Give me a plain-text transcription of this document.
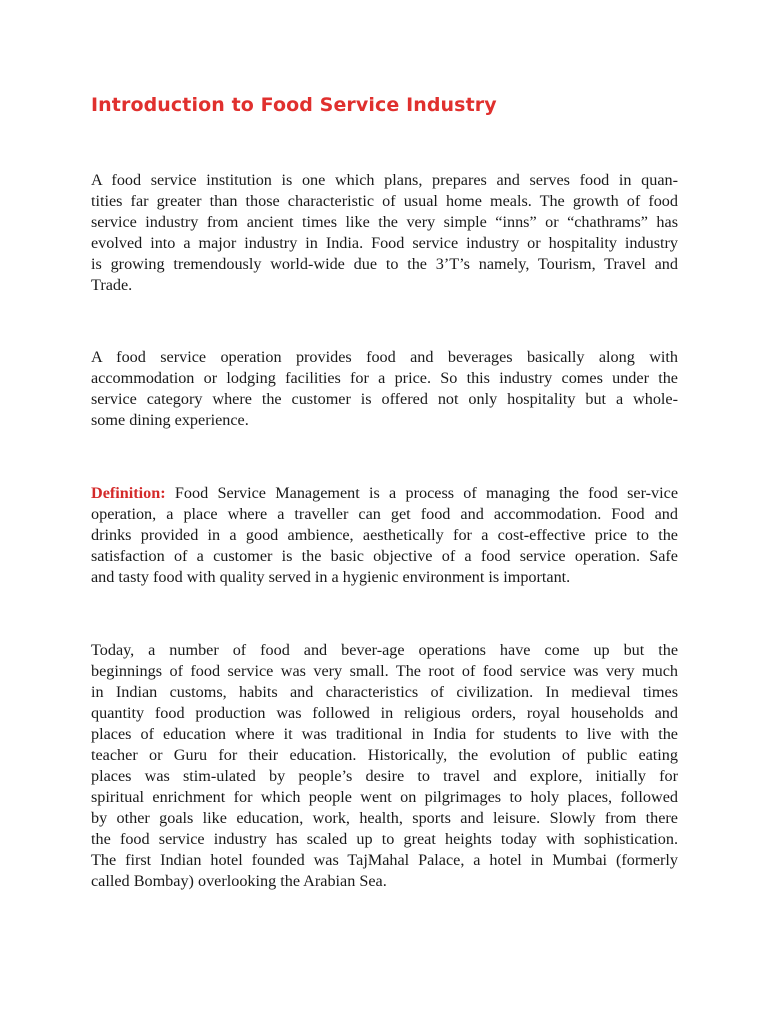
Introduction to Food Service Industry
A food service institution is one which plans, prepares and serves food in quan-
tities far greater than those characteristic of usual home meals. The growth of food
service industry from ancient times like the very simple “inns” or “chathrams” has
evolved into a major industry in India. Food service industry or hospitality industry
is growing tremendously world-wide due to the 3’T’s namely, Tourism, Travel and
Trade.
A food service operation provides food and beverages basically along with
accommodation or lodging facilities for a price. So this industry comes under the
service category where the customer is offered not only hospitality but a whole-
some dining experience.
Definition: Food Service Management is a process of managing the food ser-vice
operation, a place where a traveller can get food and accommodation. Food and
drinks provided in a good ambience, aesthetically for a cost-effective price to the
satisfaction of a customer is the basic objective of a food service operation. Safe
and tasty food with quality served in a hygienic environment is important.
Today, a number of food and bever-age operations have come up but the
beginnings of food service was very small. The root of food service was very much
in Indian customs, habits and characteristics of civilization. In medieval times
quantity food production was followed in religious orders, royal households and
places of education where it was traditional in India for students to live with the
teacher or Guru for their education. Historically, the evolution of public eating
places was stim-ulated by people’s desire to travel and explore, initially for
spiritual enrichment for which people went on pilgrimages to holy places, followed
by other goals like education, work, health, sports and leisure. Slowly from there
the food service industry has scaled up to great heights today with sophistication.
The first Indian hotel founded was TajMahal Palace, a hotel in Mumbai (formerly
called Bombay) overlooking the Arabian Sea.
